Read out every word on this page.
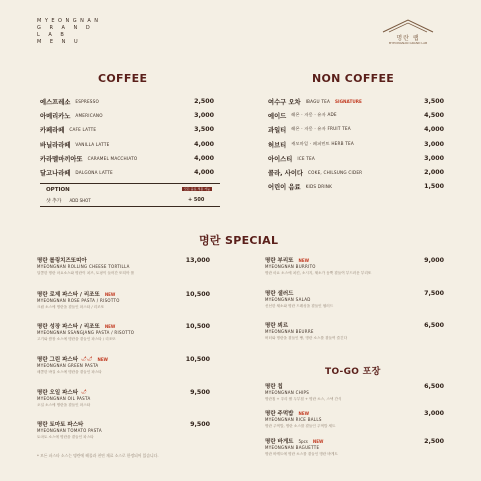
MYEONGNAN
G R A N D
L A B
M E N U	명란 랩
MYEONGNAN GRAND LAB
COFFEE
에스프레소 ESPRESSO	2,500
아메리카노 AMERICANO	3,000
카페라떼 CAFE LATTE	3,500
바닐라라떼 VANILLA LATTE	4,000
카라멜마끼아또 CARAMEL MACCHIATO	4,000
달고나라떼 DALGONA LATTE	4,000
OPTION
샷 추가 ADD SHOT
모든 음료 적용 가능
+ 500
NON COFFEE
여수구 오차 IBAGU TEA SIGNATURE	3,500
에이드 레몬 · 자몽 · 유자 ADE	4,500
과일티 레몬 · 자몽 · 유자 FRUIT TEA	4,000
허브티 캐모마일 · 페퍼민트 HERB TEA	3,000
아이스티 ICE TEA	3,000
콜라, 사이다 COKE, CHILSUNG CIDER	2,000
어린이 음료 KIDS DRINK	1,500
명란 SPECIAL
명란 롤링치즈또띠아
MYEONGNAN ROLLING CHEESE TORTILLA
달콤한 명란 마요소스와 명란이 치즈, 토핑이 들어간 또띠아 롤
13,000
명란 로제 파스타 / 리조또 NEW
MYEONGNAN ROSE PASTA / RISOTTO
크림 소스에 명란을 곁들인 파스타 / 리조또
10,500
명란 성장 파스타 / 리조또 NEW
MYEONGNAN SSANGJANG PASTA / RISOTTO
고기와 쌈장 소스에 명란을 곁들인 파스타 / 리조또
10,500
명란 그린 파스타 🌶🌶 NEW
MYEONGNAN GREEN PASTA
매콤한 바질 소스에 명란을 곁들인 파스타
10,500
명란 오일 파스타 🌶
MYEONGNAN OIL PASTA
오일 소스에 명란을 곁들인 파스타
9,500
명란 토마토 파스타
MYEONGNAN TOMATO PASTA
토마토 소스에 명란을 곁들인 파스타
9,500
명란 부리또 NEW
MYEONGNAN BURRITO
명란 마요 소스에 치킨, 소시지, 채소가 듬뿍 곁들여 부드러운 부리또
9,000
명란 샐러드
MYEONGNAN SALAD
신선한 채소와 명란 드레싱을 곁들인 샐러드
7,500
명란 뵈르
MYEONGNAN BEURRE
버터와 명란을 곁들인 빵, 명란 소스를 곁들여 즐긴다
6,500
TO-GO 포장
명란 칩
MYEONGNAN CHIPS
명란칩 + 우리 쌀 두부칩 + 명란 소스, 스낵 간식
6,500
명란 주먹밥 NEW
MYEONGNAN RICE BALLS
명란 주먹밥, 명란 소스를 곁들인 주먹밥 세트
3,000
명란 바게트 5pcs NEW
MYEONGNAN BAGUETTE
명란 바게트에 명란 소스를 곁들인 명란 바게트
2,500
* 모든 파스타 소스는 명란에 해물과 천연 재료 소스로 한정되어 있습니다.
